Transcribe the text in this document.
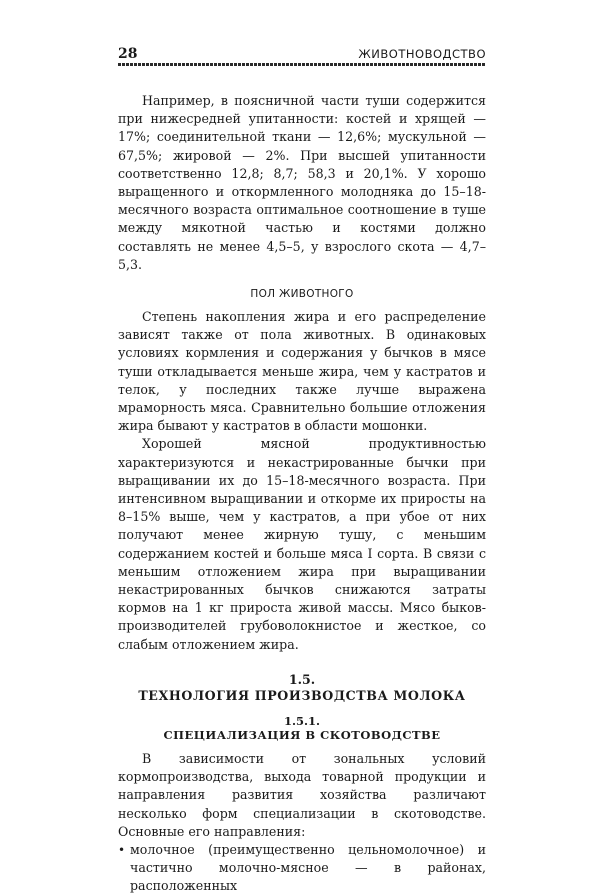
28	ЖИВОТНОВОДСТВО

Например, в поясничной части туши содержится при нижесредней упитанности: костей и хрящей — 17%; соединительной ткани — 12,6%; мускульной — 67,5%; жировой — 2%. При высшей упитанности соответственно 12,8; 8,7; 58,3 и 20,1%. У хорошо выращенного и откормленного молодняка до 15–18-месячного возраста оптимальное соотношение в туше между мякотной частью и костями должно составлять не менее 4,5–5, у взрослого скота — 4,7–5,3.

ПОЛ ЖИВОТНОГО

Степень накопления жира и его распределение зависят также от пола животных. В одинаковых условиях кормления и содержания у бычков в мясе туши откладывается меньше жира, чем у кастратов и телок, у последних также лучше выражена мраморность мяса. Сравнительно большие отложения жира бывают у кастратов в области мошонки.

Хорошей мясной продуктивностью характеризуются и некастрированные бычки при выращивании их до 15–18-месячного возраста. При интенсивном выращивании и откорме их приросты на 8–15% выше, чем у кастратов, а при убое от них получают менее жирную тушу, с меньшим содержанием костей и больше мяса I сорта. В связи с меньшим отложением жира при выращивании некастрированных бычков снижаются затраты кормов на 1 кг прироста живой массы. Мясо быков-производителей грубоволокнистое и жесткое, со слабым отложением жира.

1.5.
ТЕХНОЛОГИЯ ПРОИЗВОДСТВА МОЛОКА
1.5.1.
СПЕЦИАЛИЗАЦИЯ В СКОТОВОДСТВЕ

В зависимости от зональных условий кормопроизводства, выхода товарной продукции и направления развития хозяйства различают несколько форм специализации в скотоводстве. Основные его направления:

• молочное (преимущественно цельномолочное) и частично молочно-мясное — в районах, расположенных
